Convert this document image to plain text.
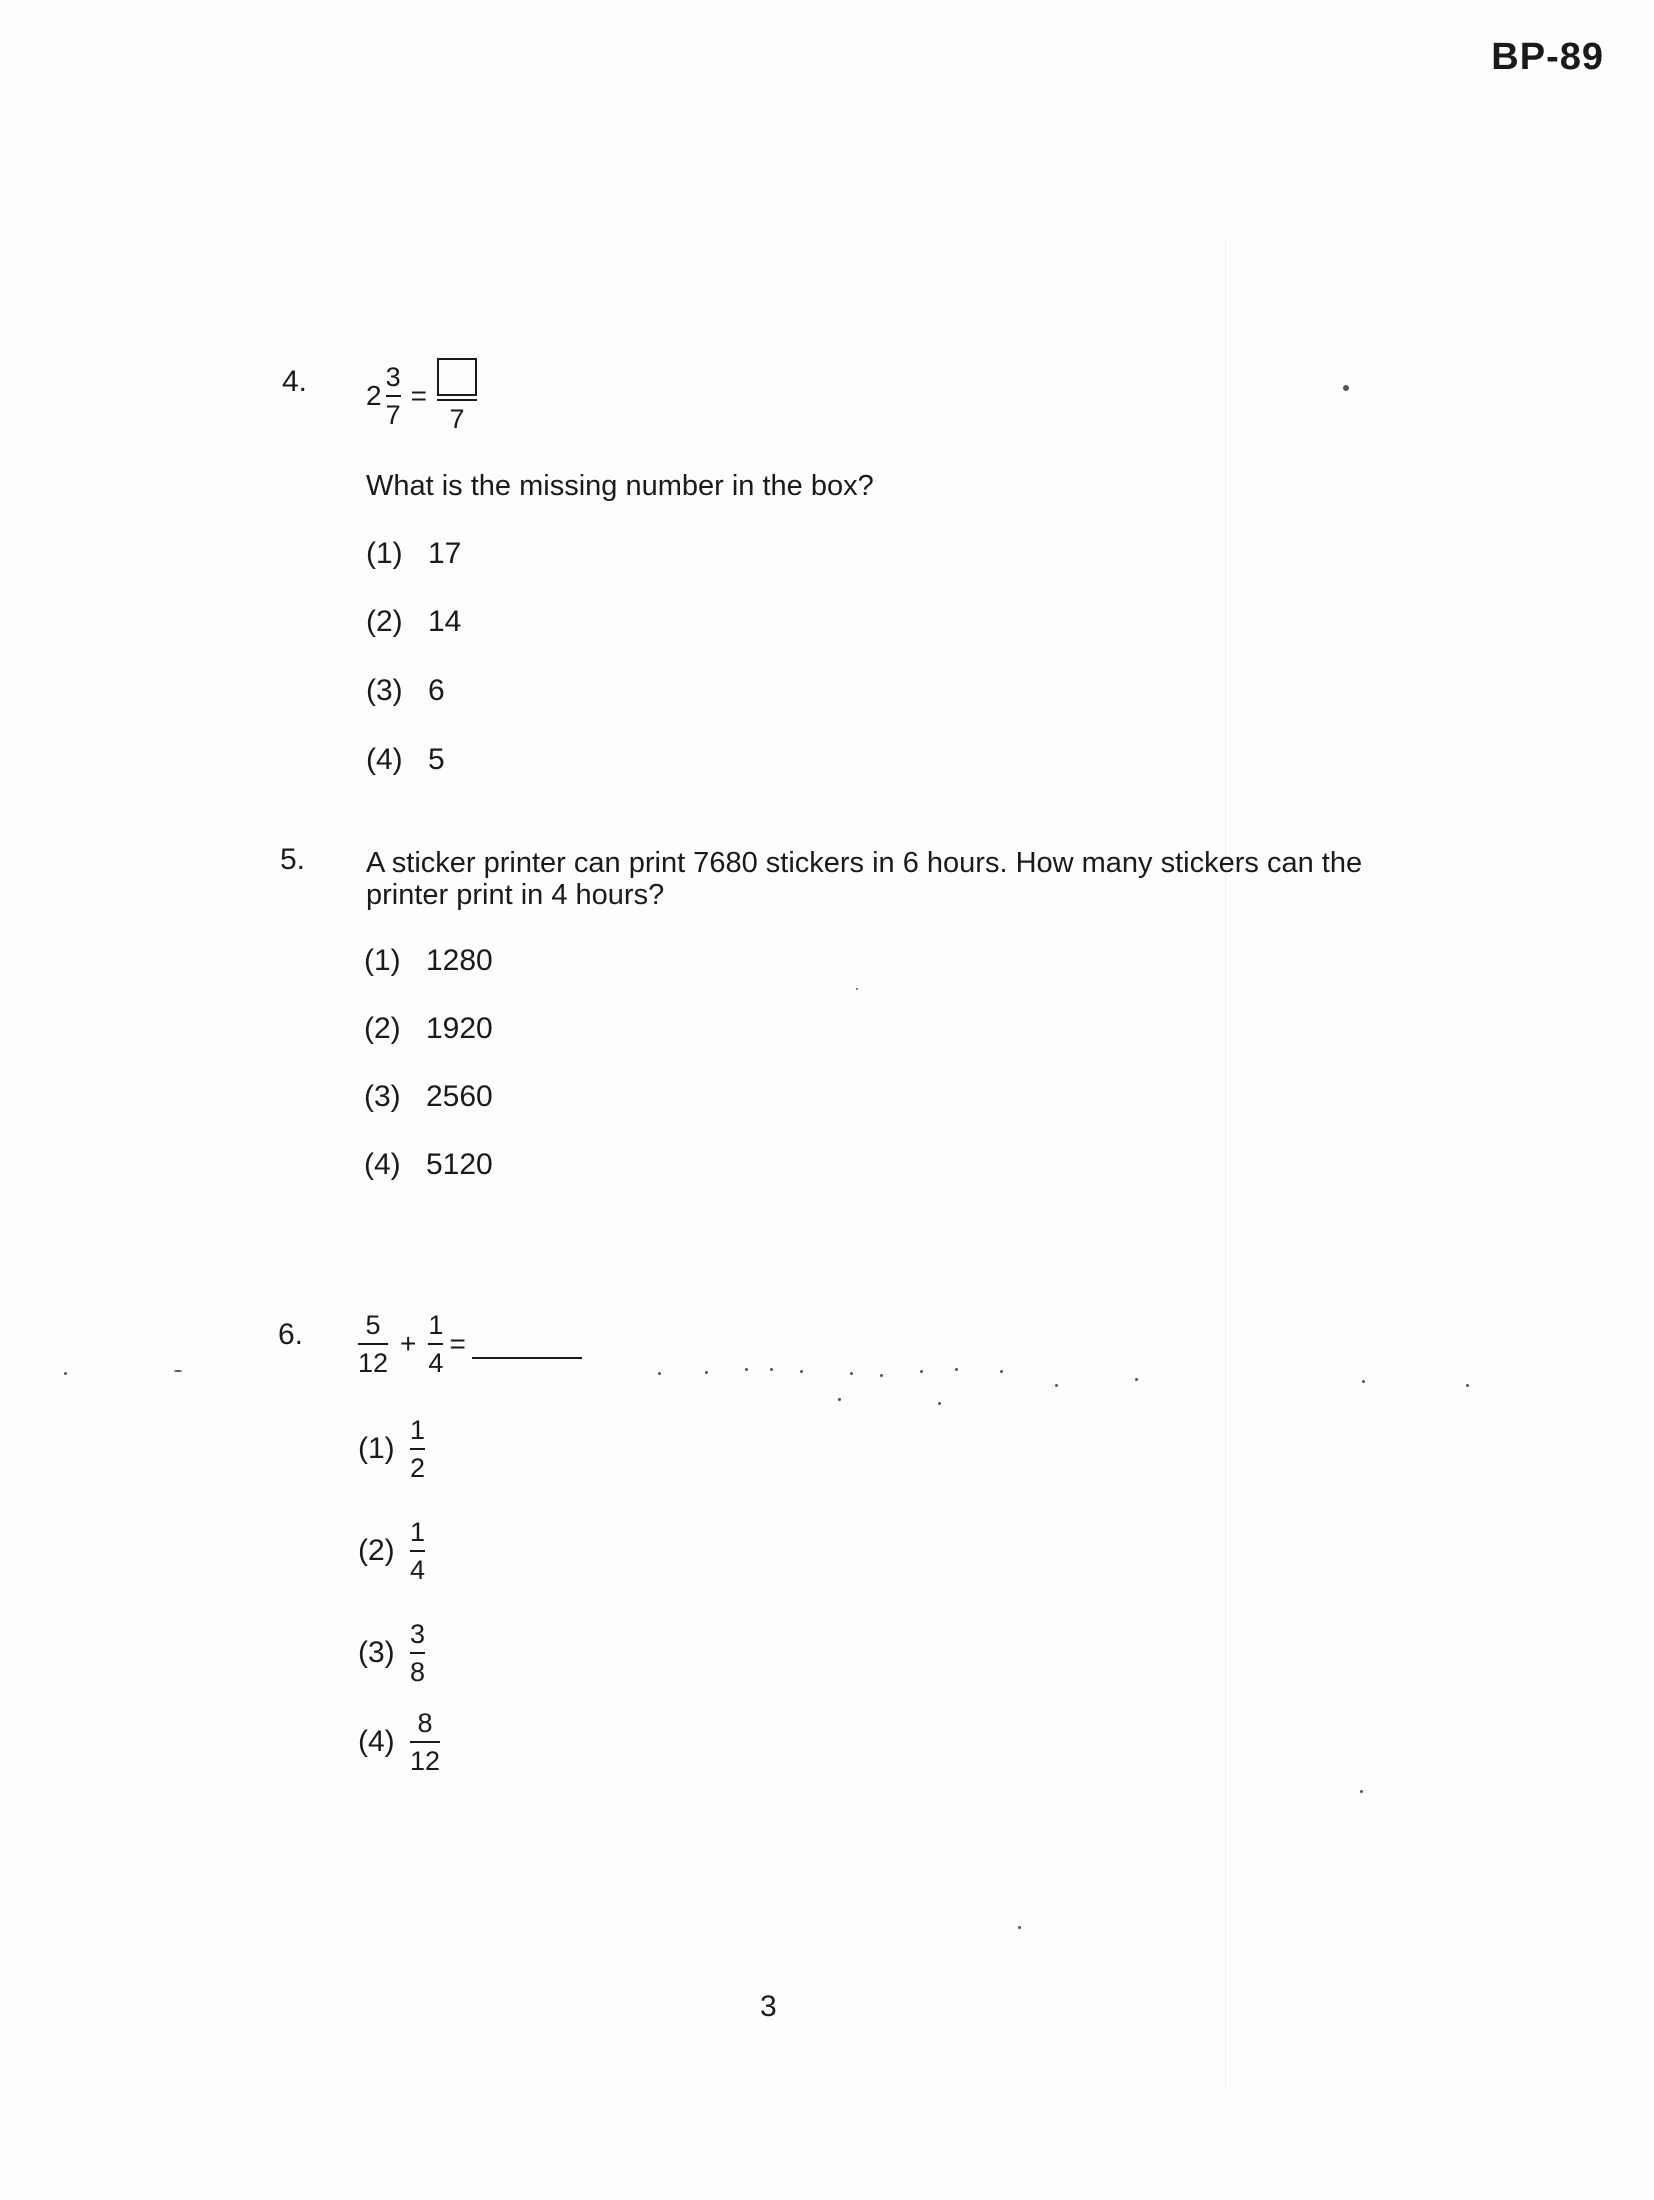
BP-89
4. $2 \frac{3}{7}$ =
7
What is the missing number in the box?
(1) 17
(2) 14
(3) 6
(4) 5
5. A sticker printer can print 7680 stickers in 6 hours. How many stickers can the printer print in 4 hours?
(1) 1280
(2) 1920
(3) 2560
(4) 5120
6. $\frac{5}{12} + \frac{1}{4}$ =
$(1) \frac{1}{2}$
$(2) \frac{1}{4}$
$(3) \frac{3}{8}$
$(4) \frac{8}{12}$
3
